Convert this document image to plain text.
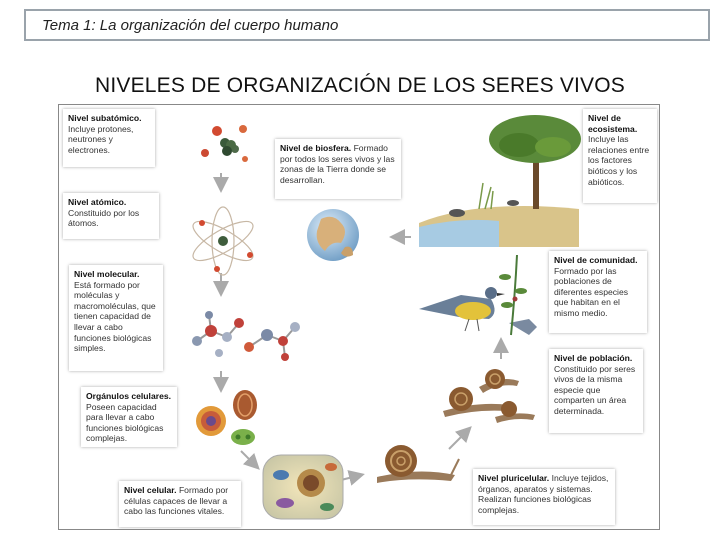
Tema 1: La organización del cuerpo humano
NIVELES DE ORGANIZACIÓN DE LOS SERES VIVOS
Nivel subatómico. Incluye protones, neutrones y electrones.
Nivel atómico. Constituido por los átomos.
Nivel molecular. Está formado por moléculas y macromoléculas, que tienen capacidad de llevar a cabo funciones biológicas simples.
Orgánulos celulares. Poseen capacidad para llevar a cabo funciones biológicas complejas.
Nivel celular. Formado por células capaces de llevar a cabo las funciones vitales.
Nivel pluricelular. Incluye tejidos, órganos, aparatos y sistemas. Realizan funciones biológicas complejas.
Nivel de población. Constituido por seres vivos de la misma especie que comparten un área determinada.
Nivel de comunidad. Formado por las poblaciones de diferentes especies que habitan en el mismo medio.
Nivel de ecosistema. Incluye las relaciones entre los factores bióticos y los abióticos.
Nivel de biosfera. Formado por todos los seres vivos y las zonas de la Tierra donde se desarrollan.
